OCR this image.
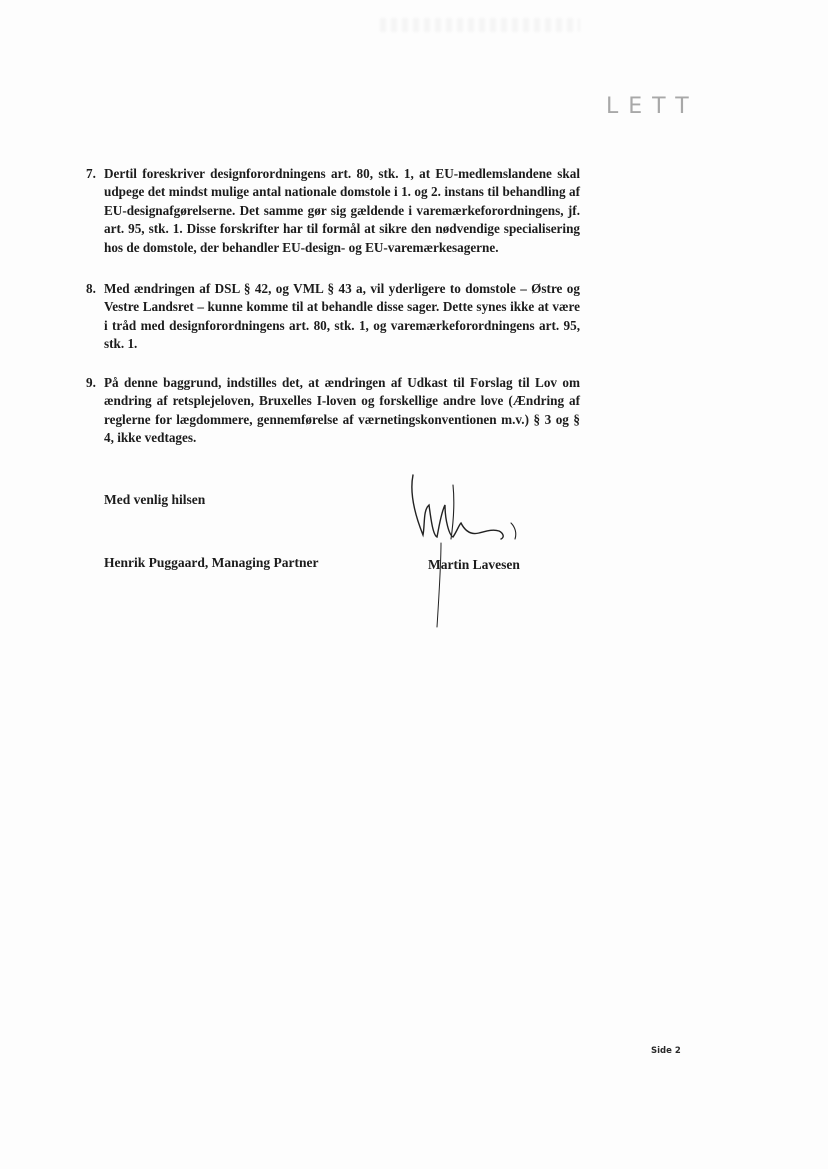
LETT
7. Dertil foreskriver designforordningens art. 80, stk. 1, at EU-medlemslandene skal udpege det mindst mulige antal nationale domstole i 1. og 2. instans til behandling af EU-designafgørelserne. Det samme gør sig gældende i varemærkeforordningens, jf. art. 95, stk. 1. Disse forskrifter har til formål at sikre den nødvendige specialisering hos de domstole, der behandler EU-design- og EU-varemærkesagerne.
8. Med ændringen af DSL § 42, og VML § 43 a, vil yderligere to domstole – Østre og Vestre Landsret – kunne komme til at behandle disse sager. Dette synes ikke at være i tråd med designforordningens art. 80, stk. 1, og varemærkeforordningens art. 95, stk. 1.
9. På denne baggrund, indstilles det, at ændringen af Udkast til Forslag til Lov om ændring af retsplejeloven, Bruxelles I-loven og forskellige andre love (Ændring af reglerne for lægdommere, gennemførelse af værnetingskonventionen m.v.) § 3 og § 4, ikke vedtages.
Med venlig hilsen
Henrik Puggaard, Managing Partner	Martin Lavesen
Side 2
